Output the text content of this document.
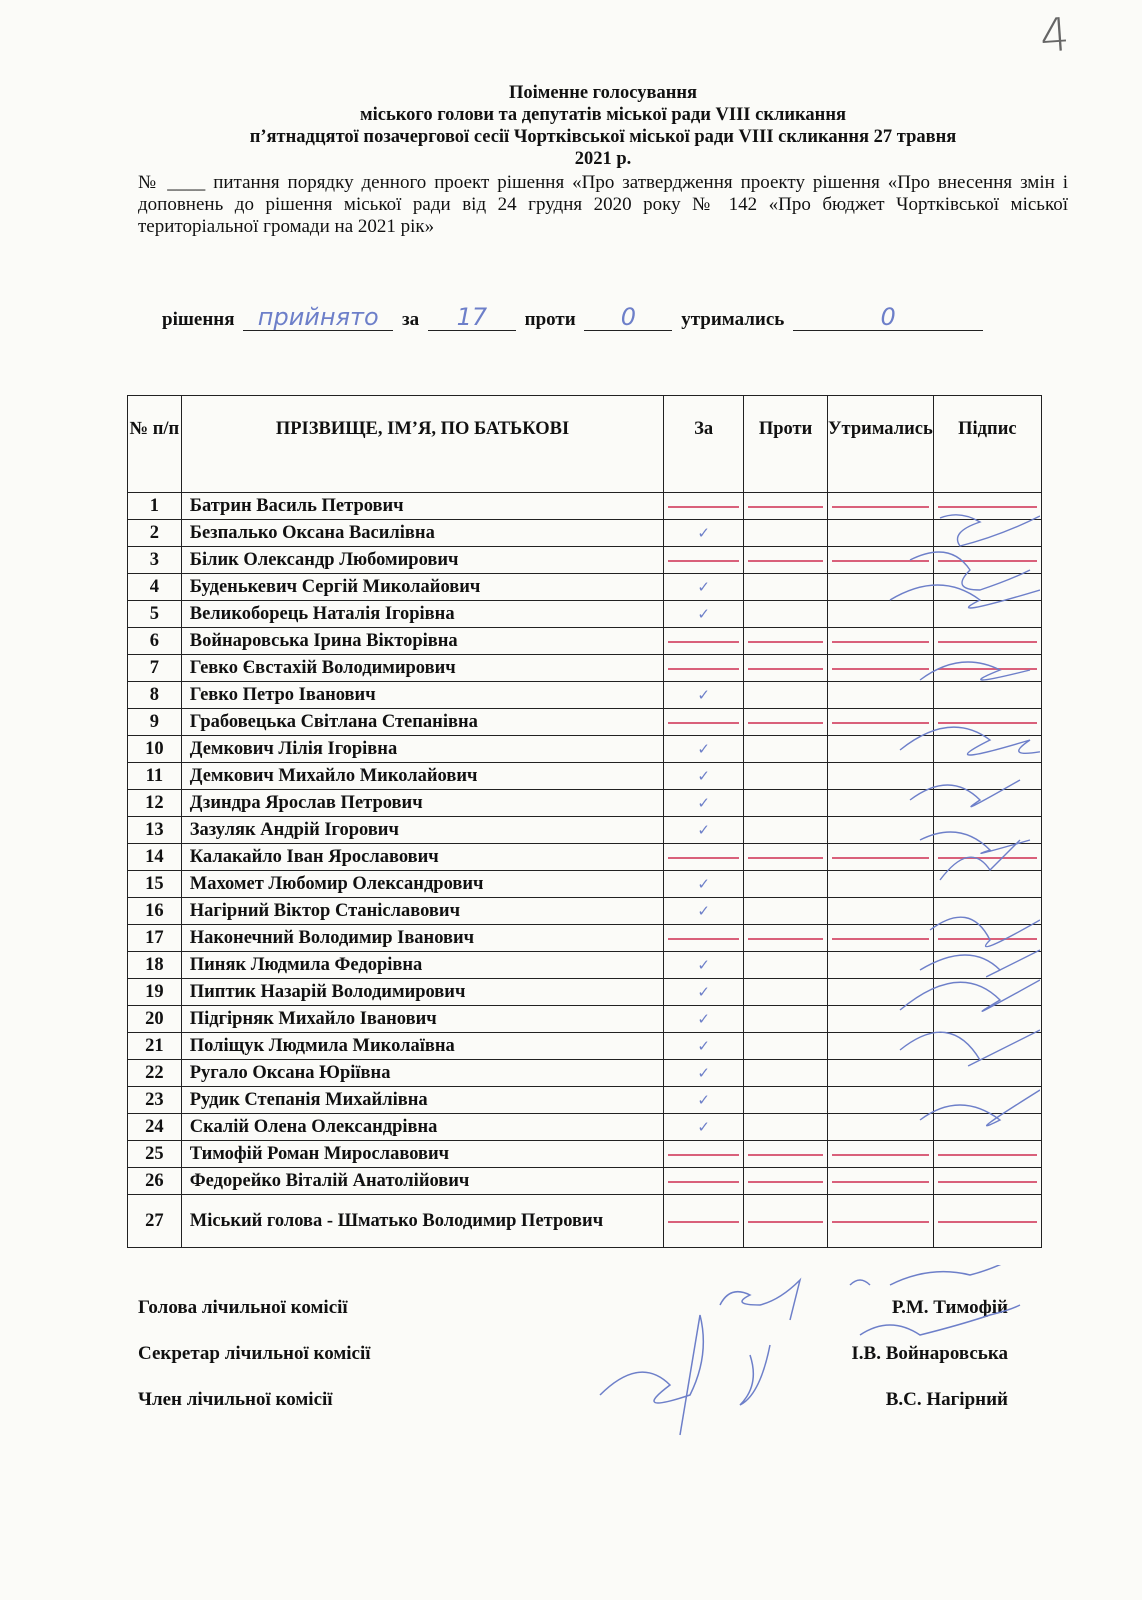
4
Поіменне голосування
міського голови та депутатів міської ради VІІІ скликання
п’ятнадцятої позачергової сесії Чортківської міської ради VІІІ скликання 27 травня
2021 р.
№ ____ питання порядку денного проект рішення «Про затвердження проекту рішення «Про внесення змін і доповнень до рішення міської ради від 24 грудня 2020 року № 142 «Про бюджет Чортківської міської територіальної громади на 2021 рік»
рішення прийнято	за	17	проти	0	утримались	0
№ п/п	ПРІЗВИЩЕ, ІМ’Я, ПО БАТЬКОВІ	За	Проти	Утримались	Підпис
1	Батрин Василь Петрович				
2	Безпалько Оксана Василівна	✓			
3	Білик Олександр Любомирович				
4	Буденькевич Сергій Миколайович	✓			
5	Великоборець Наталія Ігорівна	✓			
6	Войнаровська Ірина Вікторівна				
7	Гевко Євстахій Володимирович				
8	Гевко Петро Іванович	✓			
9	Грабовецька Світлана Степанівна				
10	Демкович Лілія Ігорівна	✓			
11	Демкович Михайло Миколайович	✓			
12	Дзиндра Ярослав Петрович	✓			
13	Зазуляк Андрій Ігорович	✓			
14	Калакайло Іван Ярославович				
15	Махомет Любомир Олександрович	✓			
16	Нагірний Віктор Станіславович	✓			
17	Наконечний Володимир Іванович				
18	Пиняк Людмила Федорівна	✓			
19	Пиптик Назарій Володимирович	✓			
20	Підгірняк Михайло Іванович	✓			
21	Поліщук Людмила Миколаївна	✓			
22	Ругало Оксана Юріївна	✓			
23	Рудик Степанія Михайлівна	✓			
24	Скалій Олена Олександрівна	✓			
25	Тимофій Роман Мирославович				
26	Федорейко Віталій Анатолійович				
27	Міський голова - Шматько Володимир Петрович				
Голова лічильної комісії	Р.М. Тимофій
Секретар лічильної комісії	І.В. Войнаровська
Член лічильної комісії	В.С. Нагірний
